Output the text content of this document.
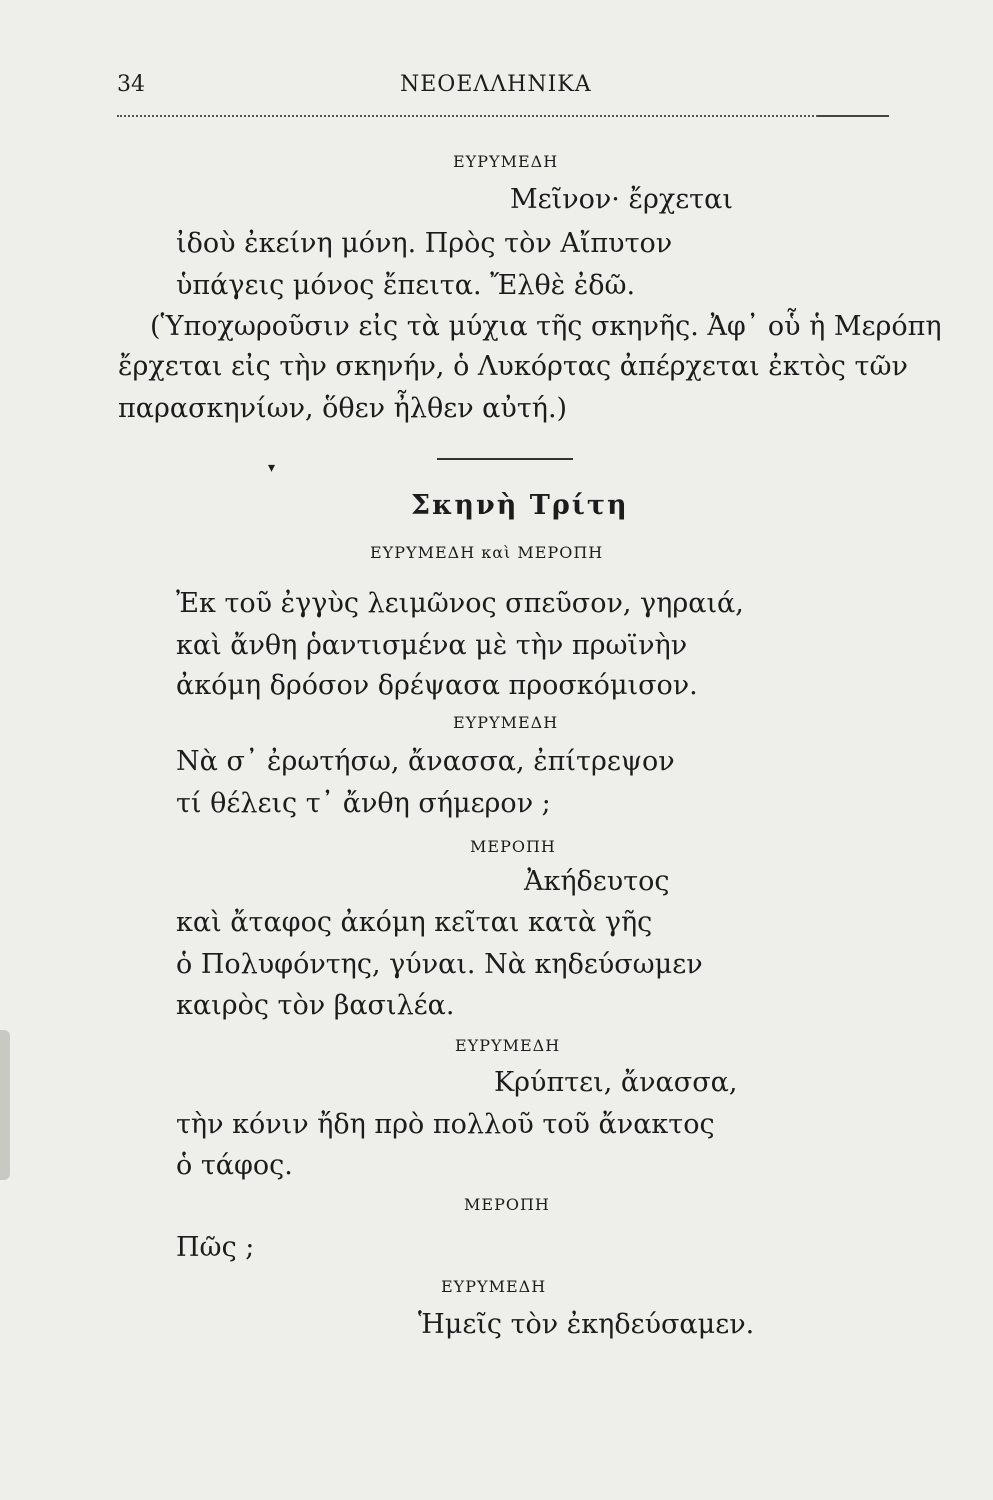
34	ΝΕΟΕΛΛΗΝΙΚΑ
ΕΥΡΥΜΕΔΗ
Μεῖνον· ἔρχεται
ἰδοὺ ἐκείνη μόνη. Πρὸς τὸν Αἴπυτον
ὑπάγεις μόνος ἔπειτα. Ἔλθὲ ἐδῶ.
(Ὑποχωροῦσιν εἰς τὰ μύχια τῆς σκηνῆς. Ἀφ᾽ οὗ ἡ Μερόπη
ἔρχεται εἰς τὴν σκηνήν, ὁ Λυκόρτας ἀπέρχεται ἐκτὸς τῶν
παρασκηνίων, ὅθεν ἦλθεν αὐτή.)
▾
Σκηνὴ Τρίτη
ΕΥΡΥΜΕΔΗ καὶ ΜΕΡΟΠΗ
Ἐκ τοῦ ἐγγὺς λειμῶνος σπεῦσον, γηραιά,
καὶ ἄνθη ῥαντισμένα μὲ τὴν πρωϊνὴν
ἀκόμη δρόσον δρέψασα προσκόμισον.
ΕΥΡΥΜΕΔΗ
Νὰ σ᾽ ἐρωτήσω, ἄνασσα, ἐπίτρεψον
τί θέλεις τ᾽ ἄνθη σήμερον ;
ΜΕΡΟΠΗ
Ἀκήδευτος
καὶ ἄταφος ἀκόμη κεῖται κατὰ γῆς
ὁ Πολυφόντης, γύναι. Νὰ κηδεύσωμεν
καιρὸς τὸν βασιλέα.
ΕΥΡΥΜΕΔΗ
Κρύπτει, ἄνασσα,
τὴν κόνιν ἤδη πρὸ πολλοῦ τοῦ ἄνακτος
ὁ τάφος.
ΜΕΡΟΠΗ
Πῶς ;
ΕΥΡΥΜΕΔΗ
Ἡμεῖς τὸν ἐκηδεύσαμεν.
